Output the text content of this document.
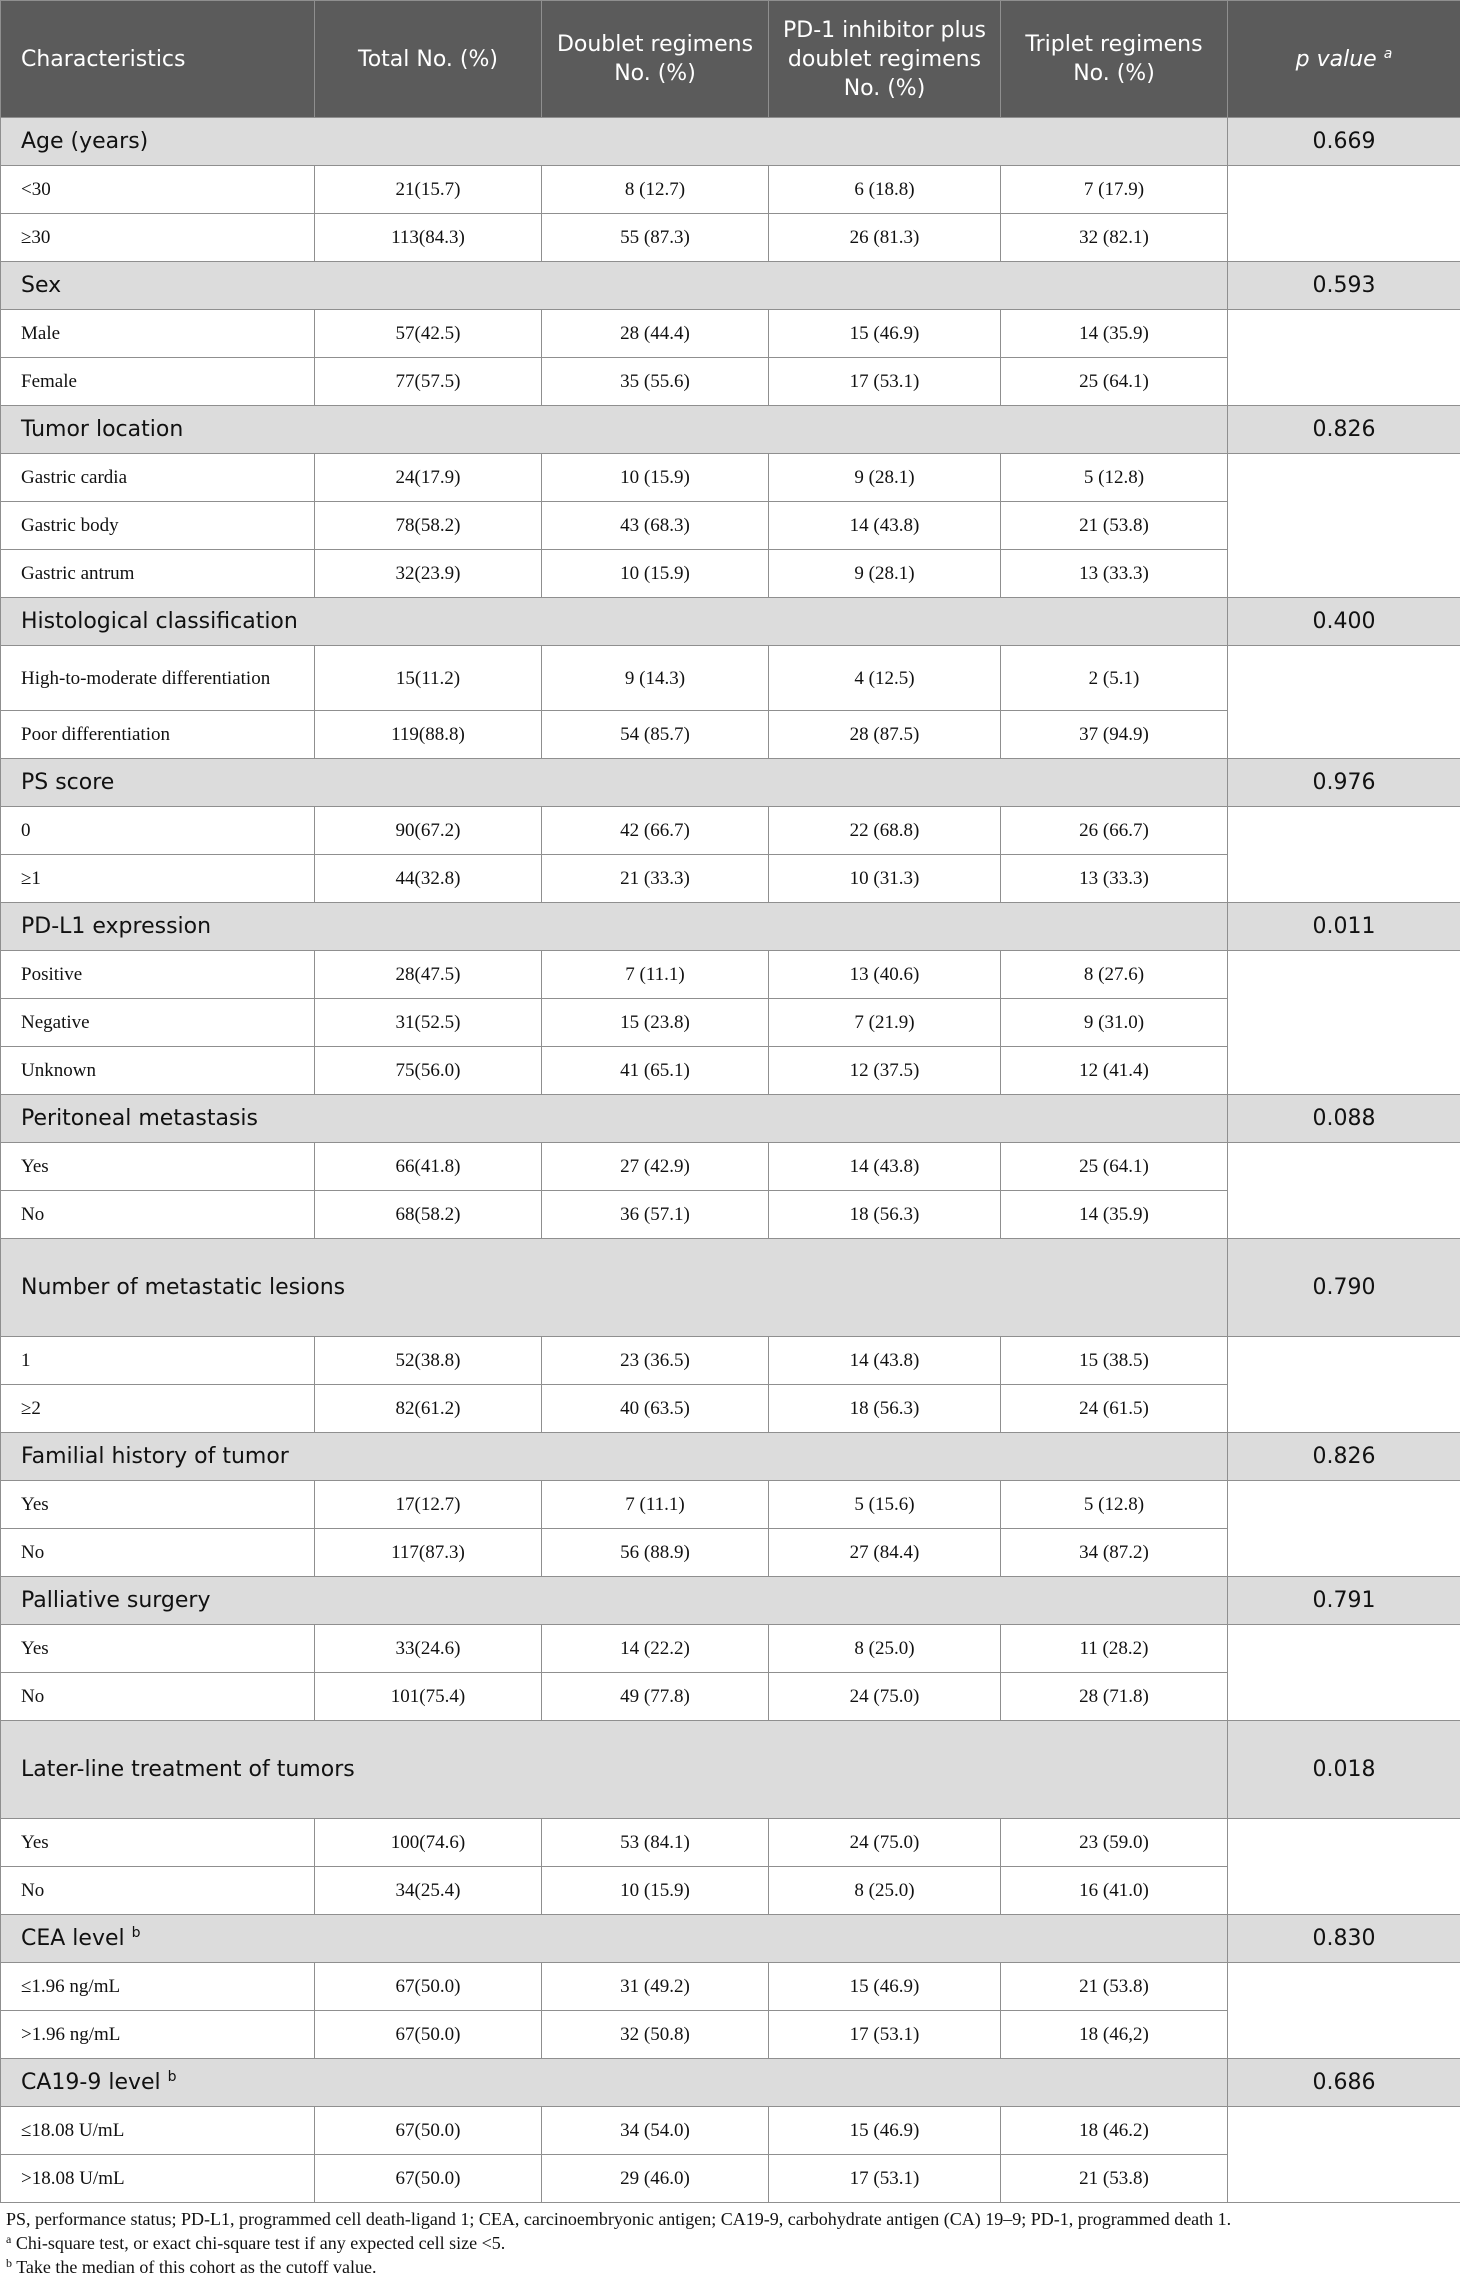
Characteristics	Total No. (%)	Doublet regimens No. (%)	PD-1 inhibitor plus doublet regimens No. (%)	Triplet regimens No. (%)	p value $^a$
Age (years)					0.669
<30	21(15.7)	8 (12.7)	6 (18.8)	7 (17.9)	
≥30	113(84.3)	55 (87.3)	26 (81.3)	32 (82.1)	
Sex					0.593
Male	57(42.5)	28 (44.4)	15 (46.9)	14 (35.9)	
Female	77(57.5)	35 (55.6)	17 (53.1)	25 (64.1)	
Tumor location					0.826
Gastric cardia	24(17.9)	10 (15.9)	9 (28.1)	5 (12.8)	
Gastric body	78(58.2)	43 (68.3)	14 (43.8)	21 (53.8)	
Gastric antrum	32(23.9)	10 (15.9)	9 (28.1)	13 (33.3)	
Histological classification					0.400
High-to-moderate differentiation	15(11.2)	9 (14.3)	4 (12.5)	2 (5.1)	
Poor differentiation	119(88.8)	54 (85.7)	28 (87.5)	37 (94.9)	
PS score					0.976
0	90(67.2)	42 (66.7)	22 (68.8)	26 (66.7)	
≥1	44(32.8)	21 (33.3)	10 (31.3)	13 (33.3)	
PD-L1 expression					0.011
Positive	28(47.5)	7 (11.1)	13 (40.6)	8 (27.6)	
Negative	31(52.5)	15 (23.8)	7 (21.9)	9 (31.0)	
Unknown	75(56.0)	41 (65.1)	12 (37.5)	12 (41.4)	
Peritoneal metastasis					0.088
Yes	66(41.8)	27 (42.9)	14 (43.8)	25 (64.1)	
No	68(58.2)	36 (57.1)	18 (56.3)	14 (35.9)	
Number of metastatic lesions					0.790
1	52(38.8)	23 (36.5)	14 (43.8)	15 (38.5)	
≥2	82(61.2)	40 (63.5)	18 (56.3)	24 (61.5)	
Familial history of tumor					0.826
Yes	17(12.7)	7 (11.1)	5 (15.6)	5 (12.8)	
No	117(87.3)	56 (88.9)	27 (84.4)	34 (87.2)	
Palliative surgery					0.791
Yes	33(24.6)	14 (22.2)	8 (25.0)	11 (28.2)	
No	101(75.4)	49 (77.8)	24 (75.0)	28 (71.8)	
Later-line treatment of tumors					0.018
Yes	100(74.6)	53 (84.1)	24 (75.0)	23 (59.0)	
No	34(25.4)	10 (15.9)	8 (25.0)	16 (41.0)	
CEA level $^b$					0.830
≤1.96 ng/mL	67(50.0)	31 (49.2)	15 (46.9)	21 (53.8)	
>1.96 ng/mL	67(50.0)	32 (50.8)	17 (53.1)	18 (46,2)	
CA19-9 level $^b$					0.686
≤18.08 U/mL	67(50.0)	34 (54.0)	15 (46.9)	18 (46.2)	
>18.08 U/mL	67(50.0)	29 (46.0)	17 (53.1)	21 (53.8)	

PS, performance status; PD-L1, programmed cell death-ligand 1; CEA, carcinoembryonic antigen; CA19-9, carbohydrate antigen (CA) 19–9; PD-1, programmed death 1.

$^a$ Chi-square test, or exact chi-square test if any expected cell size <5.

$^b$ Take the median of this cohort as the cutoff value.
